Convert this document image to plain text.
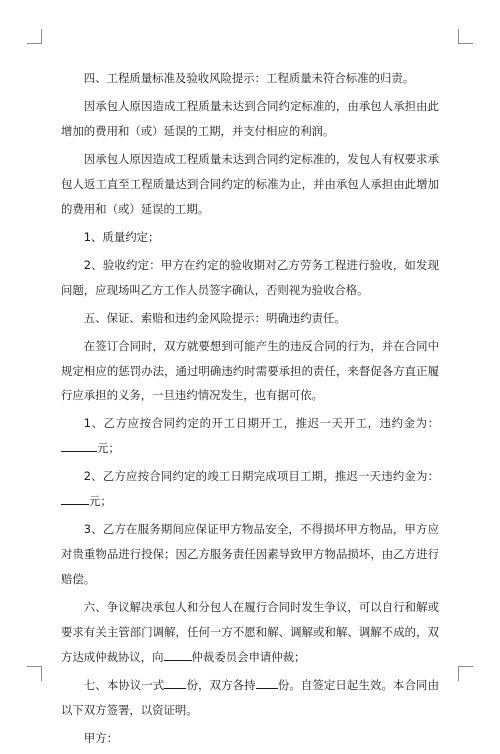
四、工程质量标准及验收风险提示：工程质量未符合标准的归责。

因承包人原因造成工程质量未达到合同约定标准的，由承包人承担由此增加的费用和（或）延误的工期，并支付相应的利润。

因承包人原因造成工程质量未达到合同约定标准的，发包人有权要求承包人返工直至工程质量达到合同约定的标准为止，并由承包人承担由此增加的费用和（或）延误的工期。

1、质量约定；

2、验收约定：甲方在约定的验收期对乙方劳务工程进行验收，如发现问题，应现场叫乙方工作人员签字确认，否则视为验收合格。

五、保证、索赔和违约金风险提示：明确违约责任。

在签订合同时，双方就要想到可能产生的违反合同的行为，并在合同中规定相应的惩罚办法，通过明确违约时需要承担的责任，来督促各方直正履行应承担的义务，一旦违约情况发生，也有据可依。

1、乙方应按合同约定的开工日期开工，推迟一天开工，违约金为：元；

2、乙方应按合同约定的竣工日期完成项目工期，推迟一天违约金为：元；

3、乙方在服务期间应保证甲方物品安全，不得损坏甲方物品，甲方应对贵重物品进行投保；因乙方服务责任因素导致甲方物品损坏，由乙方进行赔偿。

六、争议解决承包人和分包人在履行合同时发生争议，可以自行和解或要求有关主管部门调解，任何一方不愿和解、调解或和解、调解不成的，双方达成仲裁协议，向 仲裁委员会申请仲裁；

七、本协议一式 份，双方各持 份。自签定日起生效。本合同由以下双方签署，以资证明。

甲方：
